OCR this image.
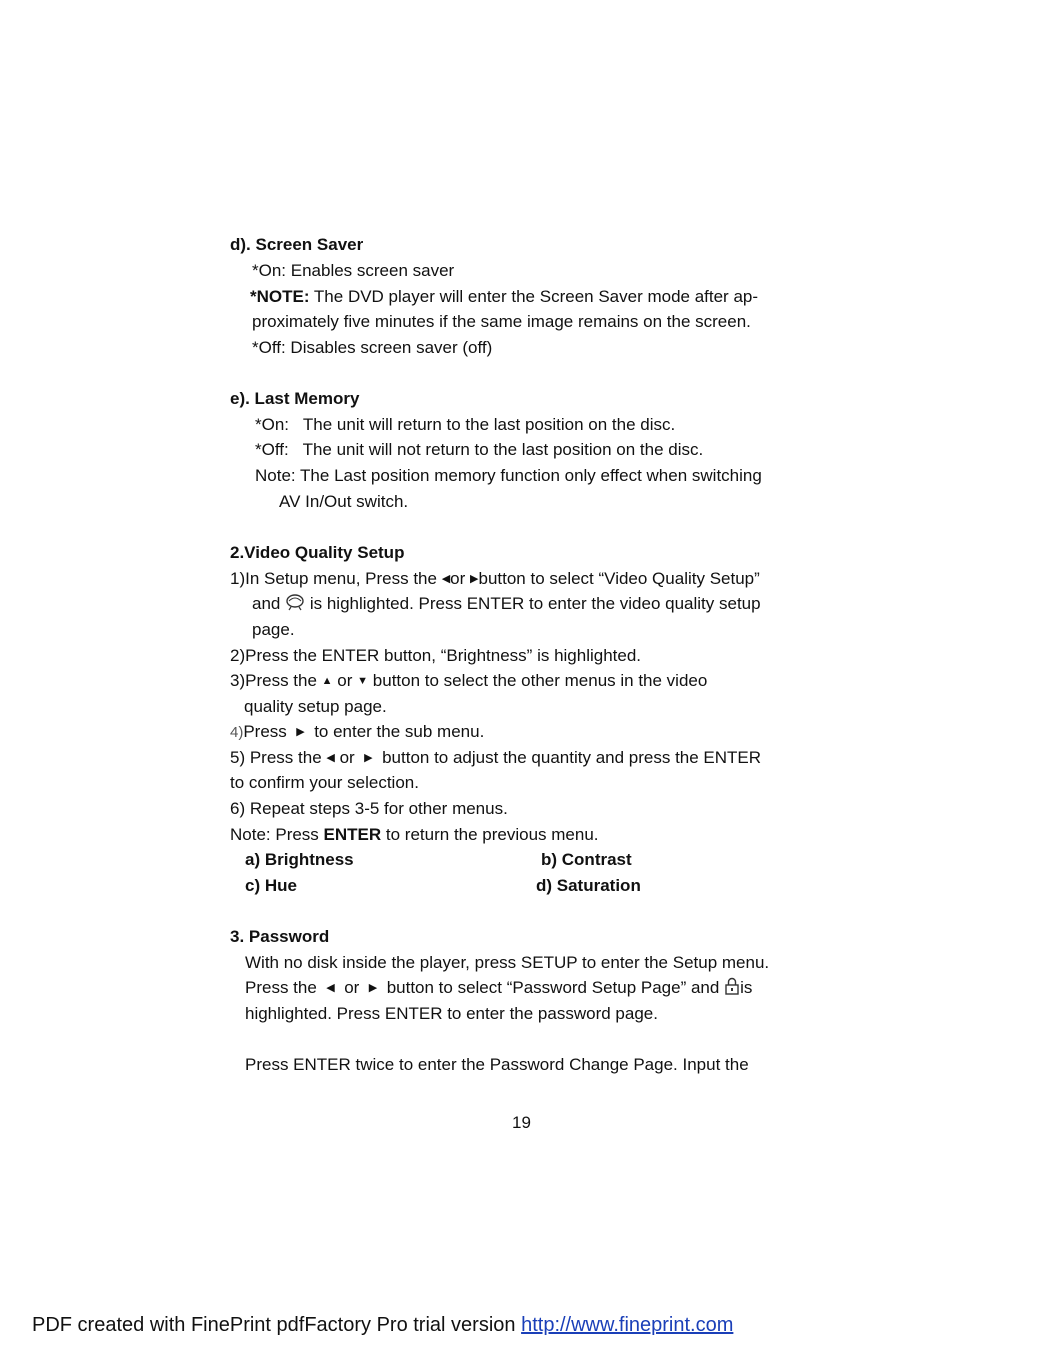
d). Screen Saver
*On: Enables screen saver
*NOTE: The DVD player will enter the Screen Saver mode after ap-
proximately five minutes if the same image remains on the screen.
*Off: Disables screen saver (off)
e). Last Memory
*On: The unit will return to the last position on the disc.
*Off: The unit will not return to the last position on the disc.
Note: The Last position memory function only effect when switching
AV In/Out switch.
2.Video Quality Setup
1)In Setup menu, Press the ◀or ▶button to select “Video Quality Setup”
and is highlighted. Press ENTER to enter the video quality setup
page.
2)Press the ENTER button, “Brightness” is highlighted.
3)Press the ▲ or ▼ button to select the other menus in the video
quality setup page.
4)Press ▶ to enter the sub menu.
5) Press the ◀ or ▶ button to adjust the quantity and press the ENTER
to confirm your selection.
6) Repeat steps 3-5 for other menus.
Note: Press ENTER to return the previous menu.
a) Brightness	b) Contrast
c) Hue	d) Saturation
3. Password
With no disk inside the player, press SETUP to enter the Setup menu.
Press the ◀ or ▶ button to select “Password Setup Page” and is
highlighted. Press ENTER to enter the password page.
Press ENTER twice to enter the Password Change Page. Input the
19
PDF created with FinePrint pdfFactory Pro trial version http://www.fineprint.com
